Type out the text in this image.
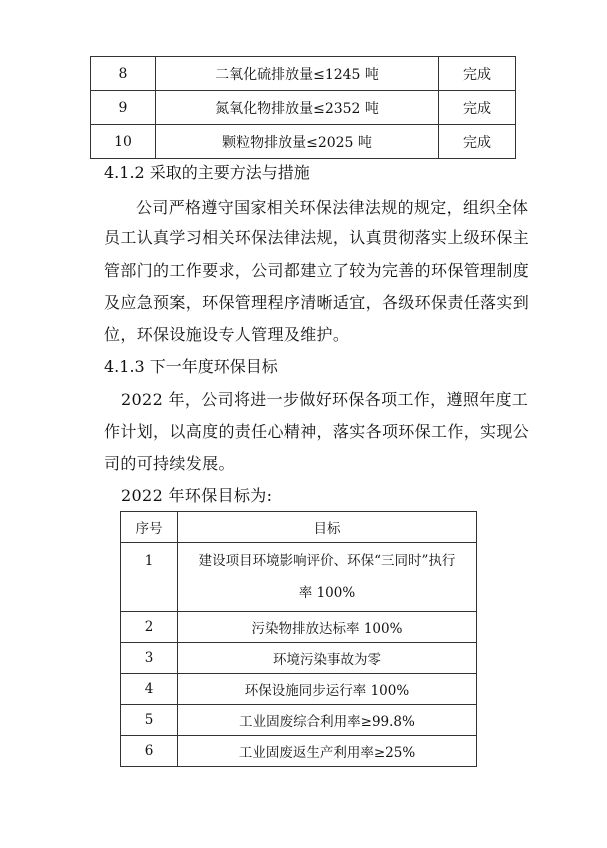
8	二氧化硫排放量≤1245 吨	完成
9	氮氧化物排放量≤2352 吨	完成
10	颗粒物排放量≤2025 吨	完成
4.1.2 采取的主要方法与措施
公司严格遵守国家相关环保法律法规的规定，组织全体
员工认真学习相关环保法律法规，认真贯彻落实上级环保主
管部门的工作要求，公司都建立了较为完善的环保管理制度
及应急预案，环保管理程序清晰适宜，各级环保责任落实到
位，环保设施设专人管理及维护。
4.1.3 下一年度环保目标
2022 年，公司将进一步做好环保各项工作，遵照年度工
作计划，以高度的责任心精神，落实各项环保工作，实现公
司的可持续发展。
2022 年环保目标为:
序号	目标
1	建设项目环境影响评价、环保“三同时”执行
率 100%

2	污染物排放达标率 100%
3	环境污染事故为零
4	环保设施同步运行率 100%
5	工业固废综合利用率≥99.8%
6	工业固废返生产利用率≥25%
